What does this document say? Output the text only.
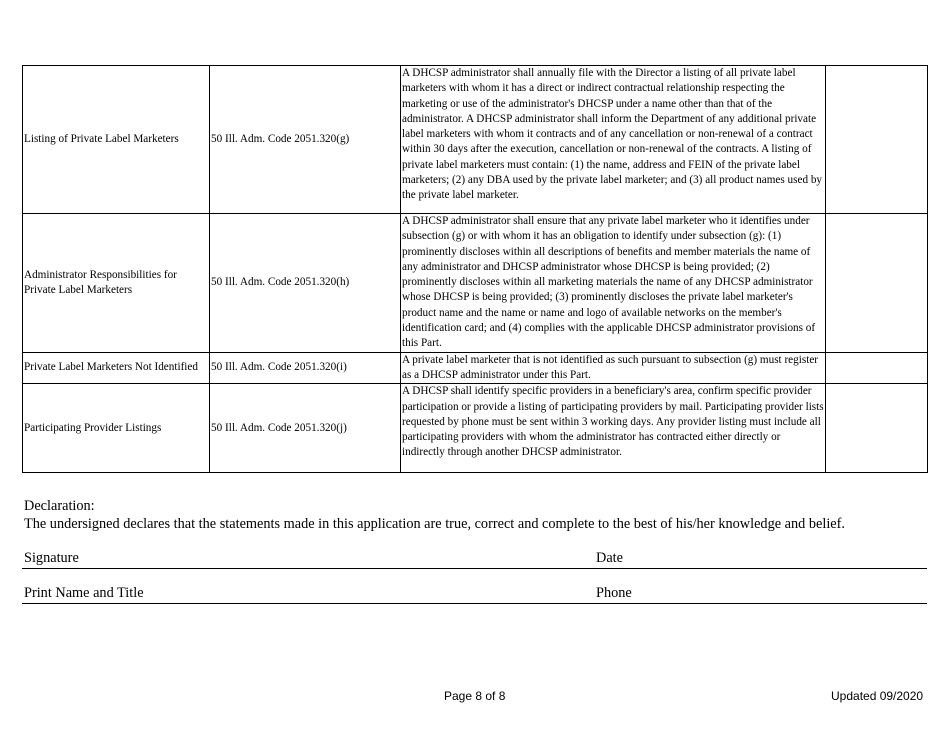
Listing of Private Label Marketers	50 Ill. Adm. Code 2051.320(g)	A DHCSP administrator shall annually file with the Director a listing of all private label marketers with whom it has a direct or indirect contractual relationship respecting the marketing or use of the administrator's DHCSP under a name other than that of the administrator. A DHCSP administrator shall inform the Department of any additional private label marketers with whom it contracts and of any cancellation or non-renewal of a contract within 30 days after the execution, cancellation or non-renewal of the contracts. A listing of private label marketers must contain: (1) the name, address and FEIN of the private label marketers; (2) any DBA used by the private label marketer; and (3) all product names used by the private label marketer.	
Administrator Responsibilities for Private Label Marketers	50 Ill. Adm. Code 2051.320(h)	A DHCSP administrator shall ensure that any private label marketer who it identifies under subsection (g) or with whom it has an obligation to identify under subsection (g): (1) prominently discloses within all descriptions of benefits and member materials the name of any administrator and DHCSP administrator whose DHCSP is being provided; (2) prominently discloses within all marketing materials the name of any DHCSP administrator whose DHCSP is being provided; (3) prominently discloses the private label marketer's product name and the name or name and logo of available networks on the member's identification card; and (4) complies with the applicable DHCSP administrator provisions of this Part.	
Private Label Marketers Not Identified	50 Ill. Adm. Code 2051.320(i)	A private label marketer that is not identified as such pursuant to subsection (g) must register as a DHCSP administrator under this Part.	
Participating Provider Listings	50 Ill. Adm. Code 2051.320(j)	A DHCSP shall identify specific providers in a beneficiary's area, confirm specific provider participation or provide a listing of participating providers by mail. Participating provider lists requested by phone must be sent within 3 working days. Any provider listing must include all participating providers with whom the administrator has contracted either directly or indirectly through another DHCSP administrator.	
Declaration:
The undersigned declares that the statements made in this application are true, correct and complete to the best of his/her knowledge and belief.
Signature	Date
Print Name and Title	Phone
Page 8 of 8	Updated 09/2020
